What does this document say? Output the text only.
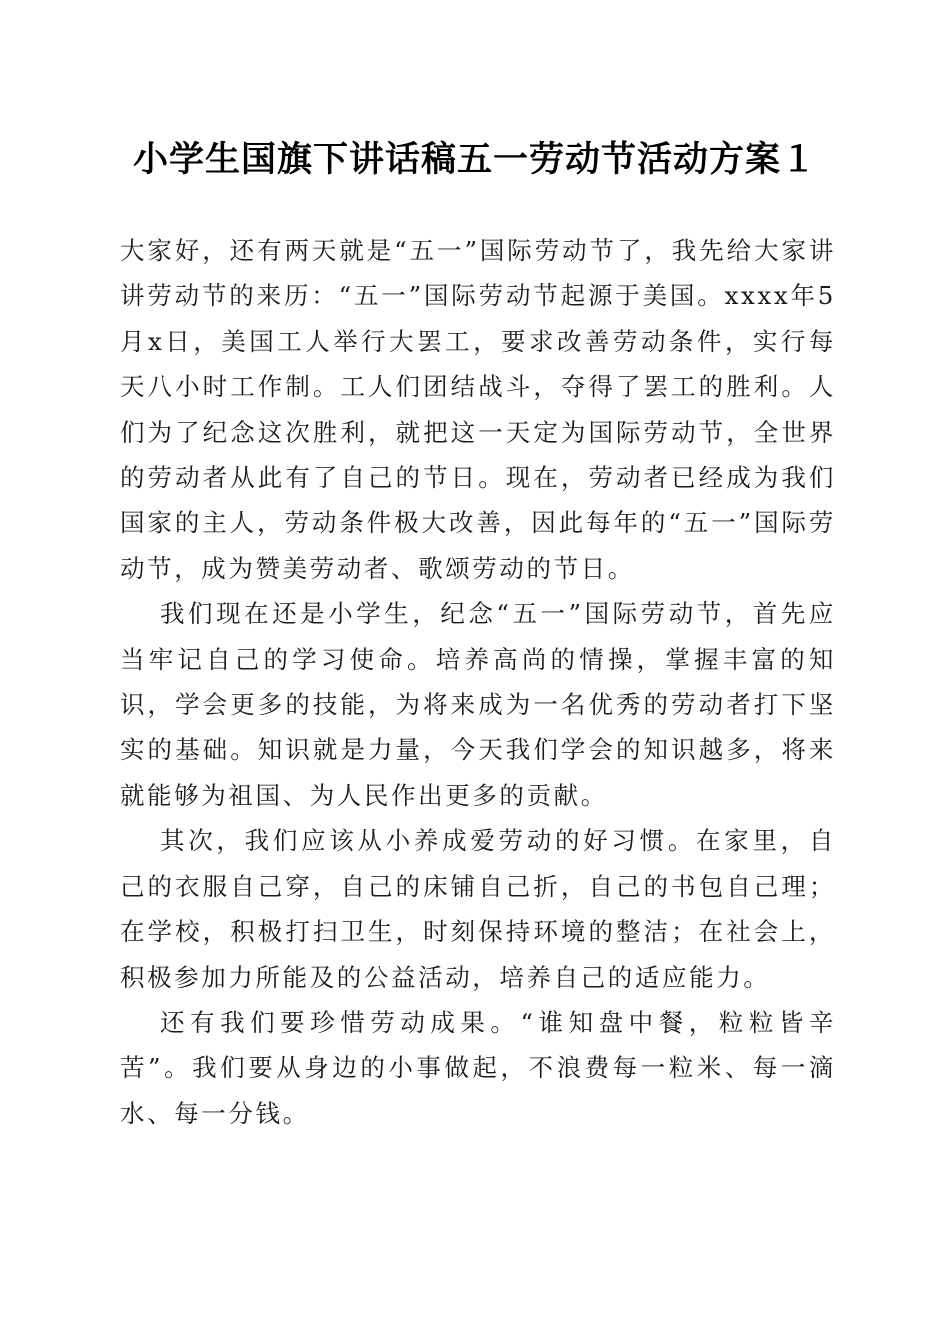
小学生国旗下讲话稿五一劳动节活动方案１

大家好，还有两天就是“五一”国际劳动节了，我先给大家讲讲劳动节的来历：“五一”国际劳动节起源于美国。xxxx年5月x日，美国工人举行大罢工，要求改善劳动条件，实行每天八小时工作制。工人们团结战斗，夺得了罢工的胜利。人们为了纪念这次胜利，就把这一天定为国际劳动节，全世界的劳动者从此有了自己的节日。现在，劳动者已经成为我们国家的主人，劳动条件极大改善，因此每年的“五一”国际劳动节，成为赞美劳动者、歌颂劳动的节日。

我们现在还是小学生，纪念“五一”国际劳动节，首先应当牢记自己的学习使命。培养高尚的情操，掌握丰富的知识，学会更多的技能，为将来成为一名优秀的劳动者打下坚实的基础。知识就是力量，今天我们学会的知识越多，将来就能够为祖国、为人民作出更多的贡献。

其次，我们应该从小养成爱劳动的好习惯。在家里，自己的衣服自己穿，自己的床铺自己折，自己的书包自己理；在学校，积极打扫卫生，时刻保持环境的整洁；在社会上，积极参加力所能及的公益活动，培养自己的适应能力。

还有我们要珍惜劳动成果。“谁知盘中餐，粒粒皆辛苦”。我们要从身边的小事做起，不浪费每一粒米、每一滴水、每一分钱。
